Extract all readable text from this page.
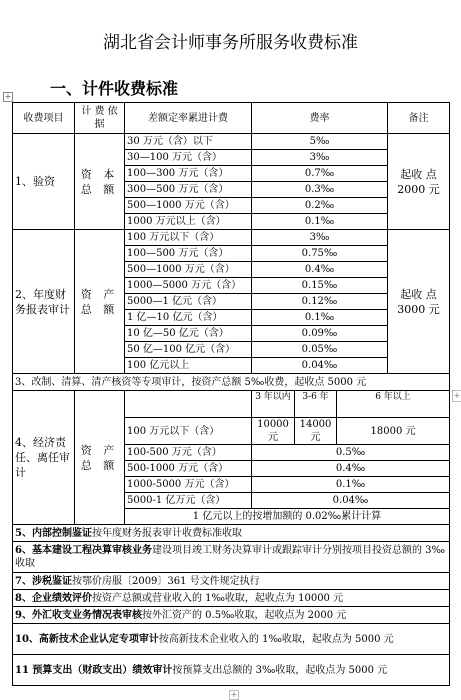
湖北省会计师事务所服务收费标准
一、计件收费标准
+
+
+
收费项目	计 费 依 据	差额定率累进计费	费率			备注
1、验资	资 本 总 额	30 万元（含）以下	5‰			起收 点 2000 元
		30—100 万元（含）	3‰			
		100—300 万元（含）	0.7‰			
		300—500 万元（含）	0.3‰			
		500—1000 万元（含）	0.2‰			
		1000 万元以上（含）	0.1‰			
2、年度财务报表审计	资 产 总 额	100 万元以下（含）	3‰			起收 点 3000 元
		100—500 万元（含）	0.75‰			
		500—1000 万元（含）	0.4‰			
		1000—5000 万元（含）	0.15‰			
		5000—1 亿元（含）	0.12‰			
		1 亿—10 亿元（含）	0.1‰			
		10 亿—50 亿元（含）	0.09‰			
		50 亿—100 亿元（含）	0.05‰			
		100 亿元以上	0.04‰			
3、改制、清算、清产核资等专项审计，按资产总额 5‰收费，起收点 5000 元						
4、经济责任、离任审计	资 产 总 额		3 年以内	3-6 年	6 年以上	
		100 万元以下（含）	10000 元	14000 元	18000 元	
		100-500 万元（含）	0.5‰			
		500-1000 万元（含）	0.4‰			
		1000-5000 万元（含）	0.1‰			
		5000-1 亿万元（含）	0.04‰			
		1 亿元以上的按增加额的 0.02‰累计计算				
5、内部控制鉴证按年度财务报表审计收费标准收取						
6、基本建设工程决算审核业务建设项目竣工财务决算审计或跟踪审计分别按项目投资总额的 3‰收取						
7、涉税鉴证按鄂价房服〔2009〕361 号文件规定执行						
8、企业绩效评价按资产总额或营业收入的 1‰收取，起收点为 10000 元						
9、外汇收支业务情况表审核按外汇资产的 0.5‰收取，起收点为 2000 元						
10、高新技术企业认定专项审计按高新技术企业收入的 1‰收取，起收点为 5000 元						
11 预算支出（财政支出）绩效审计按预算支出总额的 3‰收取，起收点为 5000 元						
